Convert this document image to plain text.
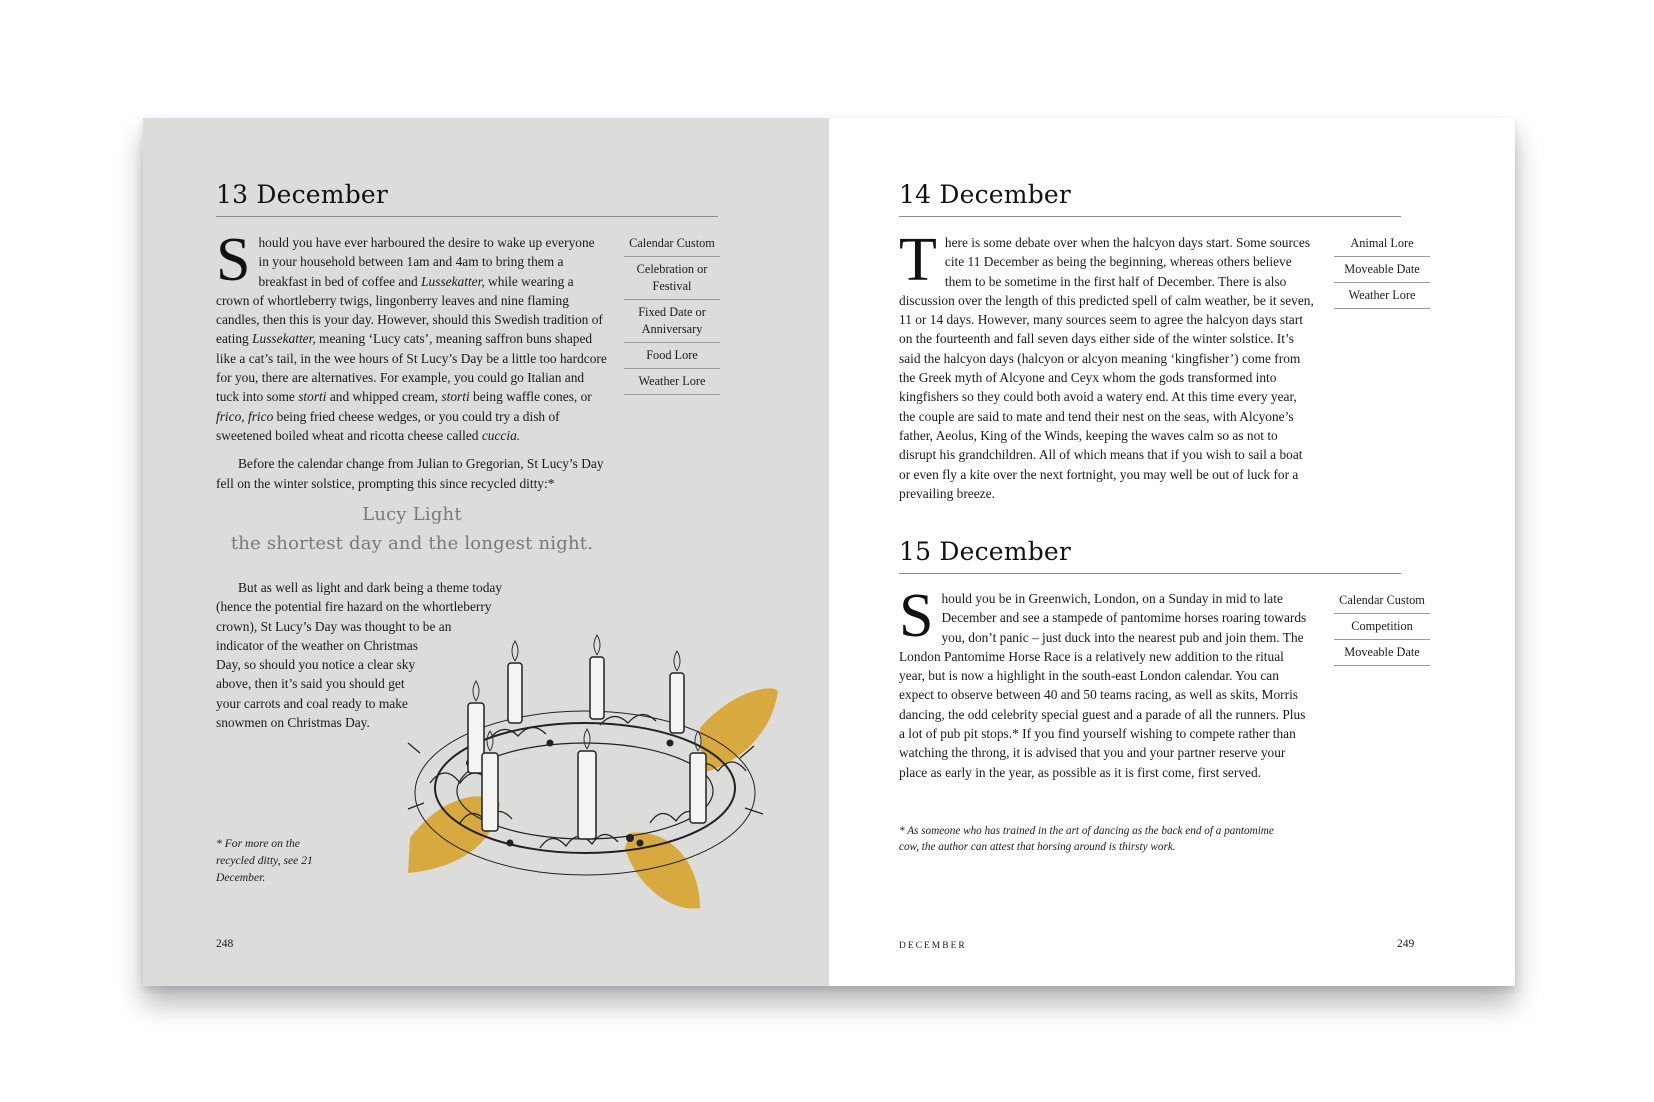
13 December

Should you have ever harboured the desire to wake up everyone in your household between 1am and 4am to bring them a breakfast in bed of coffee and Lussekatter, while wearing a crown of whortleberry twigs, lingonberry leaves and nine flaming candles, then this is your day. However, should this Swedish tradition of eating Lussekatter, meaning ‘Lucy cats’, meaning saffron buns shaped like a cat’s tail, in the wee hours of St Lucy’s Day be a little too hardcore for you, there are alternatives. For example, you could go Italian and tuck into some storti and whipped cream, storti being waffle cones, or frico, frico being fried cheese wedges, or you could try a dish of sweetened boiled wheat and ricotta cheese called cuccia.

Before the calendar change from Julian to Gregorian, St Lucy’s Day fell on the winter solstice, prompting this since recycled ditty:*

Calendar Custom
Celebration or Festival
Fixed Date or Anniversary
Food Lore
Weather Lore
Lucy Light
the shortest day and the longest night.

But as well as light and dark being a theme today (hence the potential fire hazard on the whortleberry crown), St Lucy’s Day was thought to be an indicator of the weather on Christmas Day, so should you notice a clear sky above, then it’s said you should get your carrots and coal ready to make snowmen on Christmas Day.

* For more on the recycled ditty, see 21 December.
248
14 December

There is some debate over when the halcyon days start. Some sources cite 11 December as being the beginning, whereas others believe them to be sometime in the first half of December. There is also discussion over the length of this predicted spell of calm weather, be it seven, 11 or 14 days. However, many sources seem to agree the halcyon days start on the fourteenth and fall seven days either side of the winter solstice. It’s said the halcyon days (halcyon or alcyon meaning ‘kingfisher’) come from the Greek myth of Alcyone and Ceyx whom the gods transformed into kingfishers so they could both avoid a watery end. At this time every year, the couple are said to mate and tend their nest on the seas, with Alcyone’s father, Aeolus, King of the Winds, keeping the waves calm so as not to disrupt his grandchildren. All of which means that if you wish to sail a boat or even fly a kite over the next fortnight, you may well be out of luck for a prevailing breeze.

Animal Lore
Moveable Date
Weather Lore
15 December

Should you be in Greenwich, London, on a Sunday in mid to late December and see a stampede of pantomime horses roaring towards you, don’t panic – just duck into the nearest pub and join them. The London Pantomime Horse Race is a relatively new addition to the ritual year, but is now a highlight in the south-east London calendar. You can expect to observe between 40 and 50 teams racing, as well as skits, Morris dancing, the odd celebrity special guest and a parade of all the runners. Plus a lot of pub pit stops.* If you find yourself wishing to compete rather than watching the throng, it is advised that you and your partner reserve your place as early in the year, as possible as it is first come, first served.

* As someone who has trained in the art of dancing as the back end of a pantomime cow, the author can attest that horsing around is thirsty work.
Calendar Custom
Competition
Moveable Date
DECEMBER	249
